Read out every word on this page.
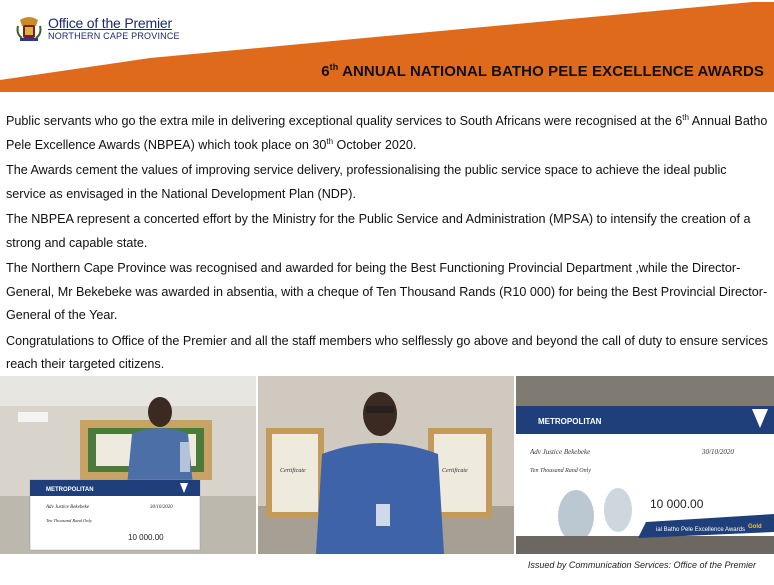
Office of the Premier
NORTHERN CAPE PROVINCE
6th ANNUAL NATIONAL BATHO PELE EXCELLENCE AWARDS

Public servants who go the extra mile in delivering exceptional quality services to South Africans were recognised at the 6th Annual Batho Pele Excellence Awards (NBPEA) which took place on 30th October 2020.

The Awards cement the values of improving service delivery, professionalising the public service space to achieve the ideal public service as envisaged in the National Development Plan (NDP).

The NBPEA represent a concerted effort by the Ministry for the Public Service and Administration (MPSA) to intensify the creation of a strong and capable state.

The Northern Cape Province was recognised and awarded for being the Best Functioning Provincial Department ,while the Director-General, Mr Bekebeke was awarded in absentia, with a cheque of Ten Thousand Rands (R10 000) for being the Best Provincial Director-General of the Year.

Congratulations to Office of the Premier and all the staff members who selflessly go above and beyond the call of duty to ensure services reach their targeted citizens.

METROPOLITAN
Adv Justice Bekebeke	30/10/2020
Ten Thousand Rand Only
10 000.00
Certificate	Certificate
METROPOLITAN
Adv Justice Bekebeke	30/10/2020
Ten Thousand Rand Only
10 000.00
ial Batho Pele Excellence Awards Gold
Issued by Communication Services: Office of the Premier
